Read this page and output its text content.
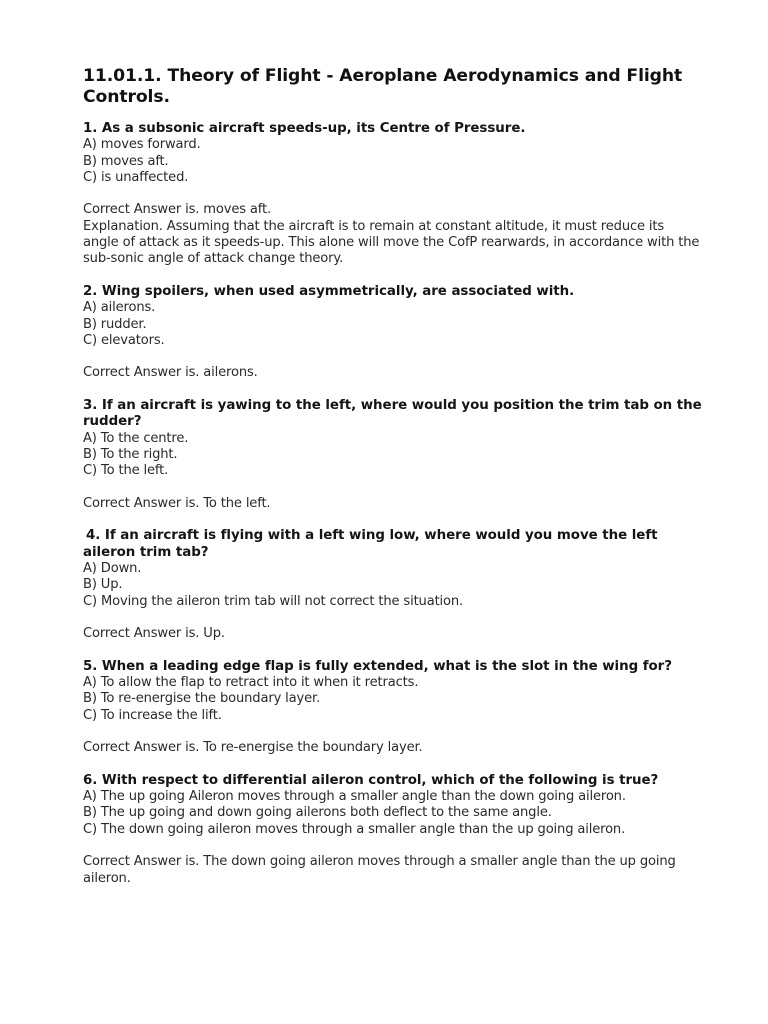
11.01.1. Theory of Flight - Aeroplane Aerodynamics and Flight Controls.

1. As a subsonic aircraft speeds-up, its Centre of Pressure.

A) moves forward.

B) moves aft.

C) is unaffected.

Correct Answer is. moves aft.

Explanation. Assuming that the aircraft is to remain at constant altitude, it must reduce its angle of attack as it speeds-up. This alone will move the CofP rearwards, in accordance with the sub-sonic angle of attack change theory.

2. Wing spoilers, when used asymmetrically, are associated with.

A) ailerons.

B) rudder.

C) elevators.

Correct Answer is. ailerons.

3. If an aircraft is yawing to the left, where would you position the trim tab on the rudder?

A) To the centre.

B) To the right.

C) To the left.

Correct Answer is. To the left.

4. If an aircraft is flying with a left wing low, where would you move the left aileron trim tab?

A) Down.

B) Up.

C) Moving the aileron trim tab will not correct the situation.

Correct Answer is. Up.

5. When a leading edge flap is fully extended, what is the slot in the wing for?

A) To allow the flap to retract into it when it retracts.

B) To re-energise the boundary layer.

C) To increase the lift.

Correct Answer is. To re-energise the boundary layer.

6. With respect to differential aileron control, which of the following is true?

A) The up going Aileron moves through a smaller angle than the down going aileron.

B) The up going and down going ailerons both deflect to the same angle.

C) The down going aileron moves through a smaller angle than the up going aileron.

Correct Answer is. The down going aileron moves through a smaller angle than the up going aileron.
